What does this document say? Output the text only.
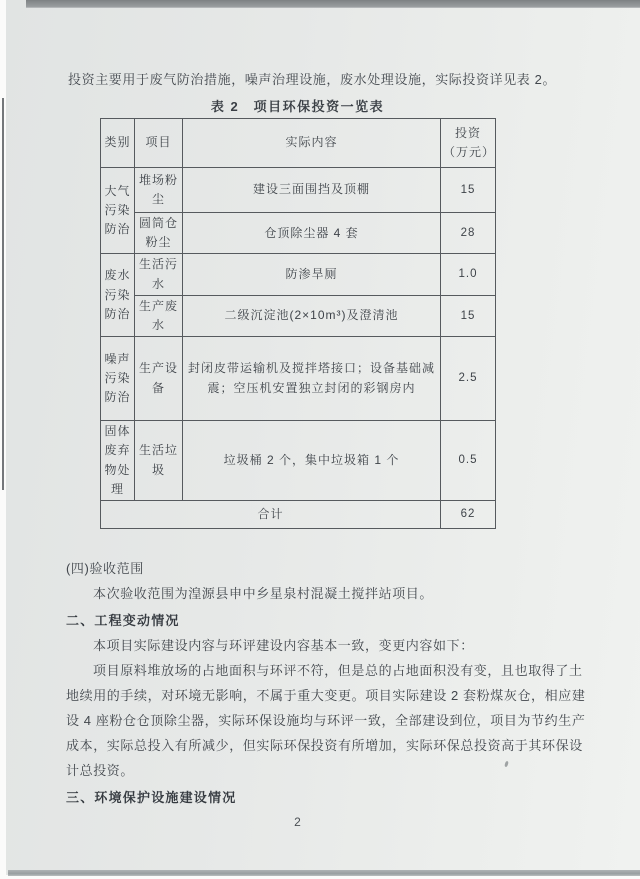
投资主要用于废气防治措施，噪声治理设施，废水处理设施，实际投资详见表 2。

表 2　项目环保投资一览表
类别	项目	实际内容	投资
（万元）

大气污染防治	堆场粉尘	建设三面围挡及顶棚	15
	圆筒仓粉尘	仓顶除尘器 4 套	28
废水污染防治	生活污水	防渗旱厕	1.0
	生产废水	二级沉淀池(2×10m³)及澄清池	15
噪声污染防治	生产设备	封闭皮带运输机及搅拌塔接口；设备基础减震；空压机安置独立封闭的彩钢房内	2.5
固体废弃物处理	生活垃圾	垃圾桶 2 个，集中垃圾箱 1 个	0.5
合计			62
(四)验收范围
本次验收范围为湟源县申中乡星泉村混凝土搅拌站项目。
二、工程变动情况
本项目实际建设内容与环评建设内容基本一致，变更内容如下：
项目原料堆放场的占地面积与环评不符，但是总的占地面积没有变，且也取得了土
地续用的手续，对环境无影响，不属于重大变更。项目实际建设 2 套粉煤灰仓，相应建
设 4 座粉仓仓顶除尘器，实际环保设施均与环评一致，全部建设到位，项目为节约生产
成本，实际总投入有所减少，但实际环保投资有所增加，实际环保总投资高于其环保设
计总投资。
三、环境保护设施建设情况
2
